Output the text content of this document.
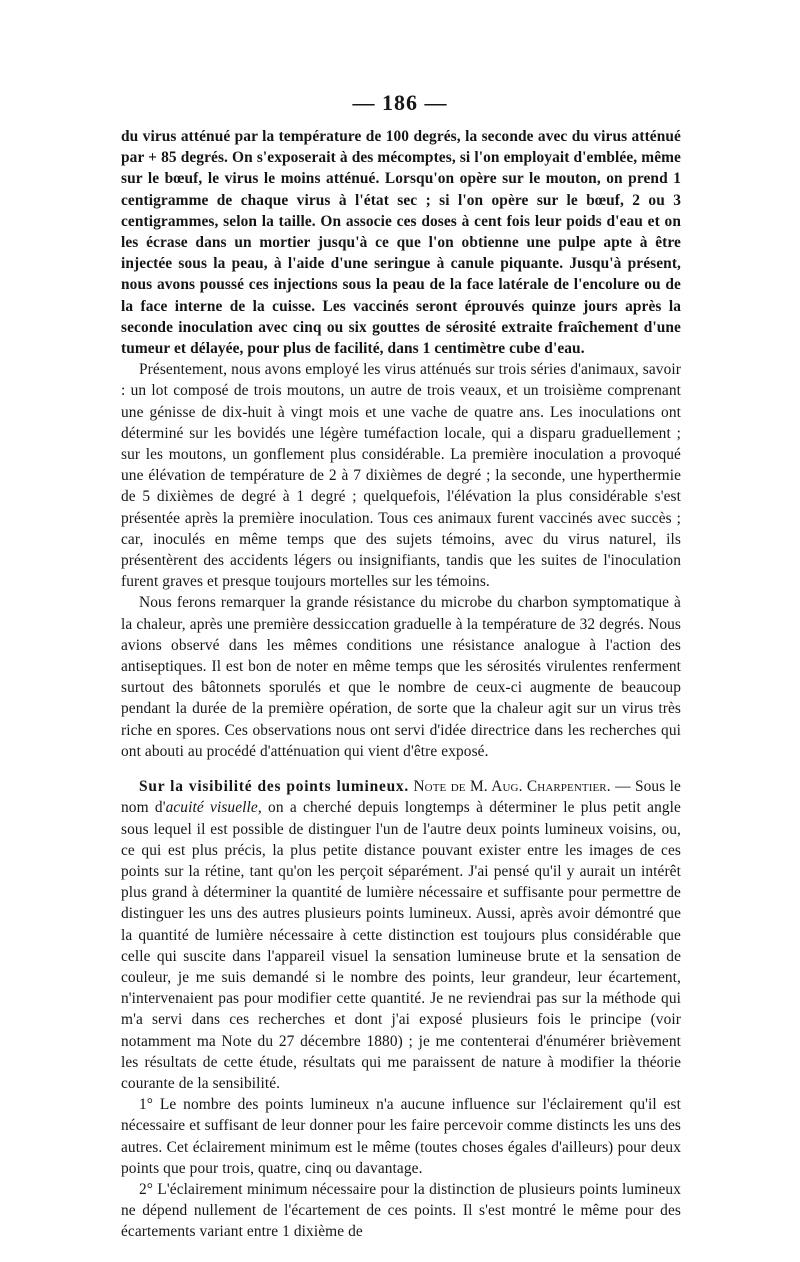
— 186 —

du virus atténué par la température de 100 degrés, la seconde avec du virus atténué par + 85 degrés. On s'exposerait à des mécomptes, si l'on employait d'emblée, même sur le bœuf, le virus le moins atténué. Lorsqu'on opère sur le mouton, on prend 1 centigramme de chaque virus à l'état sec ; si l'on opère sur le bœuf, 2 ou 3 centigrammes, selon la taille. On associe ces doses à cent fois leur poids d'eau et on les écrase dans un mortier jusqu'à ce que l'on obtienne une pulpe apte à être injectée sous la peau, à l'aide d'une seringue à canule piquante. Jusqu'à présent, nous avons poussé ces injections sous la peau de la face latérale de l'encolure ou de la face interne de la cuisse. Les vaccinés seront éprouvés quinze jours après la seconde inoculation avec cinq ou six gouttes de sérosité extraite fraîchement d'une tumeur et délayée, pour plus de facilité, dans 1 centimètre cube d'eau.

Présentement, nous avons employé les virus atténués sur trois séries d'animaux, savoir : un lot composé de trois moutons, un autre de trois veaux, et un troisième comprenant une génisse de dix-huit à vingt mois et une vache de quatre ans. Les inoculations ont déterminé sur les bovidés une légère tuméfaction locale, qui a disparu graduellement ; sur les moutons, un gonflement plus considérable. La première inoculation a provoqué une élévation de température de 2 à 7 dixièmes de degré ; la seconde, une hyperthermie de 5 dixièmes de degré à 1 degré ; quelquefois, l'élévation la plus considérable s'est présentée après la première inoculation. Tous ces animaux furent vaccinés avec succès ; car, inoculés en même temps que des sujets témoins, avec du virus naturel, ils présentèrent des accidents légers ou insignifiants, tandis que les suites de l'inoculation furent graves et presque toujours mortelles sur les témoins.

Nous ferons remarquer la grande résistance du microbe du charbon symptomatique à la chaleur, après une première dessiccation graduelle à la température de 32 degrés. Nous avions observé dans les mêmes conditions une résistance analogue à l'action des antiseptiques. Il est bon de noter en même temps que les sérosités virulentes renferment surtout des bâtonnets sporulés et que le nombre de ceux-ci augmente de beaucoup pendant la durée de la première opération, de sorte que la chaleur agit sur un virus très riche en spores. Ces observations nous ont servi d'idée directrice dans les recherches qui ont abouti au procédé d'atténuation qui vient d'être exposé.

Sur la visibilité des points lumineux. Note de M. Aug. Charpentier. — Sous le nom d'acuité visuelle, on a cherché depuis longtemps à déterminer le plus petit angle sous lequel il est possible de distinguer l'un de l'autre deux points lumineux voisins, ou, ce qui est plus précis, la plus petite distance pouvant exister entre les images de ces points sur la rétine, tant qu'on les perçoit séparément. J'ai pensé qu'il y aurait un intérêt plus grand à déterminer la quantité de lumière nécessaire et suffisante pour permettre de distinguer les uns des autres plusieurs points lumineux. Aussi, après avoir démontré que la quantité de lumière nécessaire à cette distinction est toujours plus considérable que celle qui suscite dans l'appareil visuel la sensation lumineuse brute et la sensation de couleur, je me suis demandé si le nombre des points, leur grandeur, leur écartement, n'intervenaient pas pour modifier cette quantité. Je ne reviendrai pas sur la méthode qui m'a servi dans ces recherches et dont j'ai exposé plusieurs fois le principe (voir notamment ma Note du 27 décembre 1880) ; je me contenterai d'énumérer brièvement les résultats de cette étude, résultats qui me paraissent de nature à modifier la théorie courante de la sensibilité.

1° Le nombre des points lumineux n'a aucune influence sur l'éclairement qu'il est nécessaire et suffisant de leur donner pour les faire percevoir comme distincts les uns des autres. Cet éclairement minimum est le même (toutes choses égales d'ailleurs) pour deux points que pour trois, quatre, cinq ou davantage.

2° L'éclairement minimum nécessaire pour la distinction de plusieurs points lumineux ne dépend nullement de l'écartement de ces points. Il s'est montré le même pour des écartements variant entre 1 dixième de
